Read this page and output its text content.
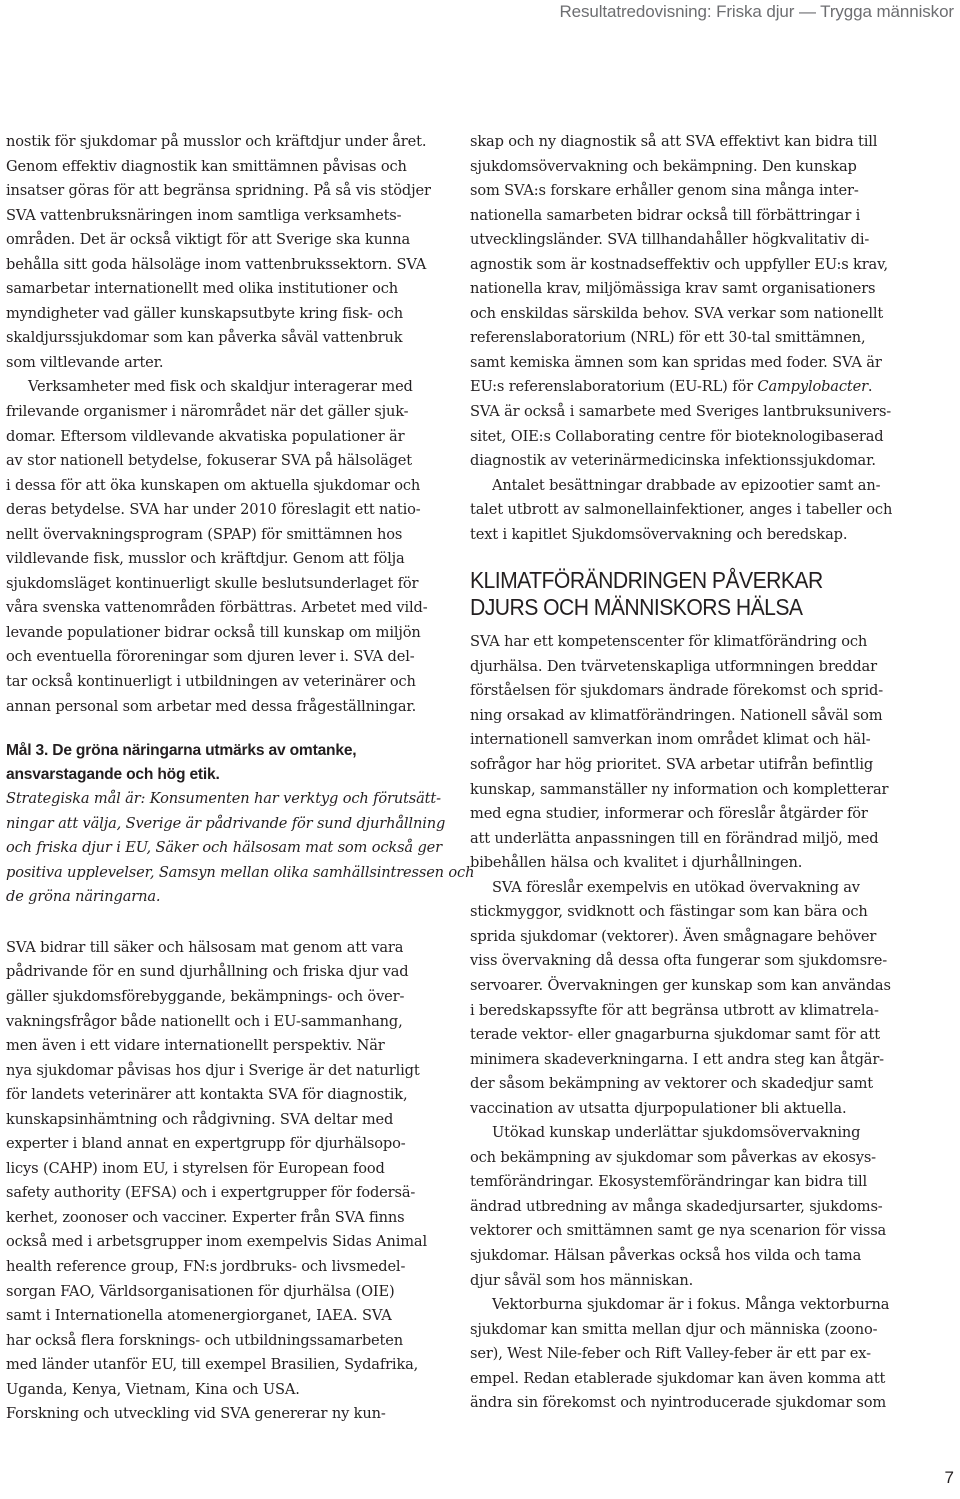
Resultatredovisning: Friska djur — Trygga människor
nostik för sjukdomar på musslor och kräftdjur under året.
Genom effektiv diagnostik kan smittämnen påvisas och
insatser göras för att begränsa spridning. På så vis stödjer
SVA vattenbruksnäringen inom samtliga verksamhets-
områden. Det är också viktigt för att Sverige ska kunna
behålla sitt goda hälsoläge inom vattenbrukssektorn. SVA
samarbetar internationellt med olika institutioner och
myndigheter vad gäller kunskapsutbyte kring fisk- och
skaldjurssjukdomar som kan påverka såväl vattenbruk
som viltlevande arter.
Verksamheter med fisk och skaldjur interagerar med
frilevande organismer i närområdet när det gäller sjuk-
domar. Eftersom vildlevande akvatiska populationer är
av stor nationell betydelse, fokuserar SVA på hälsoläget
i dessa för att öka kunskapen om aktuella sjukdomar och
deras betydelse. SVA har under 2010 föreslagit ett natio-
nellt övervakningsprogram (SPAP) för smittämnen hos
vildlevande fisk, musslor och kräftdjur. Genom att följa
sjukdomsläget kontinuerligt skulle beslutsunderlaget för
våra svenska vattenområden förbättras. Arbetet med vild-
levande populationer bidrar också till kunskap om miljön
och eventuella föroreningar som djuren lever i. SVA del-
tar också kontinuerligt i utbildningen av veterinärer och
annan personal som arbetar med dessa frågeställningar.
Mål 3. De gröna näringarna utmärks av omtanke,
ansvarstagande och hög etik.
Strategiska mål är: Konsumenten har verktyg och förutsätt-
ningar att välja, Sverige är pådrivande för sund djurhållning
och friska djur i EU, Säker och hälsosam mat som också ger
positiva upplevelser, Samsyn mellan olika samhällsintressen och
de gröna näringarna.
SVA bidrar till säker och hälsosam mat genom att vara
pådrivande för en sund djurhållning och friska djur vad
gäller sjukdomsförebyggande, bekämpnings- och över-
vakningsfrågor både nationellt och i EU-sammanhang,
men även i ett vidare internationellt perspektiv. När
nya sjukdomar påvisas hos djur i Sverige är det naturligt
för landets veterinärer att kontakta SVA för diagnostik,
kunskapsinhämtning och rådgivning. SVA deltar med
experter i bland annat en expertgrupp för djurhälsopo-
licys (CAHP) inom EU, i styrelsen för European food
safety authority (EFSA) och i expertgrupper för fodersä-
kerhet, zoonoser och vacciner. Experter från SVA finns
också med i arbetsgrupper inom exempelvis Sidas Animal
health reference group, FN:s jordbruks- och livsmedel-
sorgan FAO, Världsorganisationen för djurhälsa (OIE)
samt i Internationella atomenergiorganet, IAEA. SVA
har också flera forsknings- och utbildningssamarbeten
med länder utanför EU, till exempel Brasilien, Sydafrika,
Uganda, Kenya, Vietnam, Kina och USA.
Forskning och utveckling vid SVA genererar ny kun-
skap och ny diagnostik så att SVA effektivt kan bidra till
sjukdomsövervakning och bekämpning. Den kunskap
som SVA:s forskare erhåller genom sina många inter-
nationella samarbeten bidrar också till förbättringar i
utvecklingsländer. SVA tillhandahåller högkvalitativ di-
agnostik som är kostnadseffektiv och uppfyller EU:s krav,
nationella krav, miljömässiga krav samt organisationers
och enskildas särskilda behov. SVA verkar som nationellt
referenslaboratorium (NRL) för ett 30-tal smittämnen,
samt kemiska ämnen som kan spridas med foder. SVA är
EU:s referenslaboratorium (EU-RL) för Campylobacter.
SVA är också i samarbete med Sveriges lantbruksunivers-
sitet, OIE:s Collaborating centre för bioteknologibaserad
diagnostik av veterinärmedicinska infektionssjukdomar.
Antalet besättningar drabbade av epizootier samt an-
talet utbrott av salmonellainfektioner, anges i tabeller och
text i kapitlet Sjukdomsövervakning och beredskap.
KLIMATFÖRÄNDRINGEN PÅVERKAR
DJURS OCH MÄNNISKORS HÄLSA
SVA har ett kompetenscenter för klimatförändring och
djurhälsa. Den tvärvetenskapliga utformningen breddar
förståelsen för sjukdomars ändrade förekomst och sprid-
ning orsakad av klimatförändringen. Nationell såväl som
internationell samverkan inom området klimat och häl-
sofrågor har hög prioritet. SVA arbetar utifrån befintlig
kunskap, sammanställer ny information och kompletterar
med egna studier, informerar och föreslår åtgärder för
att underlätta anpassningen till en förändrad miljö, med
bibehållen hälsa och kvalitet i djurhållningen.
SVA föreslår exempelvis en utökad övervakning av
stickmyggor, svidknott och fästingar som kan bära och
sprida sjukdomar (vektorer). Även smågnagare behöver
viss övervakning då dessa ofta fungerar som sjukdomsre-
servoarer. Övervakningen ger kunskap som kan användas
i beredskapssyfte för att begränsa utbrott av klimatrela-
terade vektor- eller gnagarburna sjukdomar samt för att
minimera skadeverkningarna. I ett andra steg kan åtgär-
der såsom bekämpning av vektorer och skadedjur samt
vaccination av utsatta djurpopulationer bli aktuella.
Utökad kunskap underlättar sjukdomsövervakning
och bekämpning av sjukdomar som påverkas av ekosys-
temförändringar. Ekosystemförändringar kan bidra till
ändrad utbredning av många skadedjursarter, sjukdoms-
vektorer och smittämnen samt ge nya scenarion för vissa
sjukdomar. Hälsan påverkas också hos vilda och tama
djur såväl som hos människan.
Vektorburna sjukdomar är i fokus. Många vektorburna
sjukdomar kan smitta mellan djur och människa (zoono-
ser), West Nile-feber och Rift Valley-feber är ett par ex-
empel. Redan etablerade sjukdomar kan även komma att
ändra sin förekomst och nyintroducerade sjukdomar som
7
